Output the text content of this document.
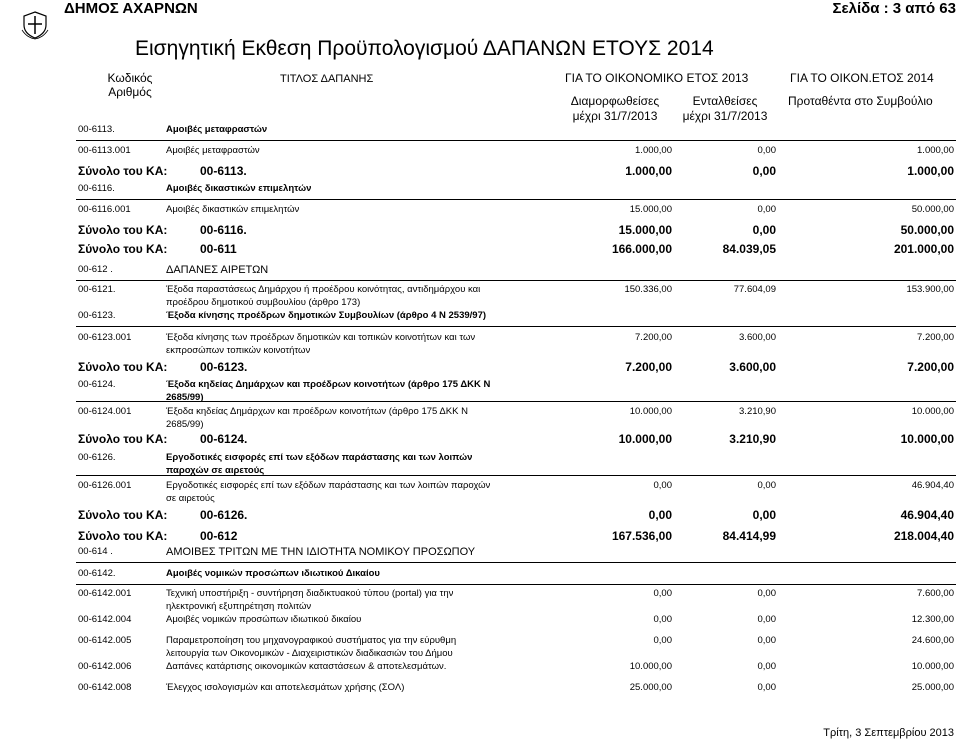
ΔΗΜΟΣ ΑΧΑΡΝΩΝ	Σελίδα : 3 από 63
Εισηγητική Εκθεση Προϋπολογισμού ΔΑΠΑΝΩΝ ΕΤΟΥΣ 2014
Κωδικός
Αριθμός
ΤΙΤΛΟΣ ΔΑΠΑΝΗΣ	ΓΙΑ ΤΟ ΟΙΚΟΝΟΜΙΚΟ ΕΤΟΣ 2013
Διαμορφωθείσες
μέχρι 31/7/2013
Ενταλθείσες
μέχρι 31/7/2013
ΓΙΑ ΤΟ ΟΙΚΟΝ.ΕΤΟΣ 2014
Προταθέντα στο Συμβούλιο
00-6113.	Αμοιβές μεταφραστών
00-6113.001	Αμοιβές μεταφραστών	1.000,00	0,00	1.000,00
Σύνολο του ΚΑ:	00-6113.	1.000,00	0,00	1.000,00
00-6116.	Αμοιβές δικαστικών επιμελητών
00-6116.001	Αμοιβές δικαστικών επιμελητών	15.000,00	0,00	50.000,00
Σύνολο του ΚΑ:	00-6116.	15.000,00	0,00	50.000,00
Σύνολο του ΚΑ:	00-611	166.000,00	84.039,05	201.000,00
00-612 .	ΔΑΠΑΝΕΣ ΑΙΡΕΤΩΝ
00-6121.	Έξοδα παραστάσεως Δημάρχου ή προέδρου κοινότητας, αντιδημάρχου και
προέδρου δημοτικού συμβουλίου (άρθρο 173)
150.336,00	77.604,09	153.900,00
00-6123.	Έξοδα κίνησης προέδρων δημοτικών Συμβουλίων (άρθρο 4 Ν 2539/97)
00-6123.001	Έξοδα κίνησης των προέδρων δημοτικών και τοπικών κοινοτήτων και των
εκπροσώπων τοπικών κοινοτήτων
7.200,00	3.600,00	7.200,00
Σύνολο του ΚΑ:	00-6123.	7.200,00	3.600,00	7.200,00
00-6124.	Έξοδα κηδείας Δημάρχων και προέδρων κοινοτήτων (άρθρο 175 ΔΚΚ Ν
2685/99)
00-6124.001	Έξοδα κηδείας Δημάρχων και προέδρων κοινοτήτων (άρθρο 175 ΔΚΚ Ν
2685/99)
10.000,00	3.210,90	10.000,00
Σύνολο του ΚΑ:	00-6124.	10.000,00	3.210,90	10.000,00
00-6126.	Εργοδοτικές εισφορές επί των εξόδων παράστασης και των λοιπών
παροχών σε αιρετούς
00-6126.001	Εργοδοτικές εισφορές επί των εξόδων παράστασης και των λοιπών παροχών
σε αιρετούς
0,00	0,00	46.904,40
Σύνολο του ΚΑ:	00-6126.	0,00	0,00	46.904,40
Σύνολο του ΚΑ:	00-612	167.536,00	84.414,99	218.004,40
00-614 .	ΑΜΟΙΒΕΣ ΤΡΙΤΩΝ ΜΕ ΤΗΝ ΙΔΙΟΤΗΤΑ ΝΟΜΙΚΟΥ ΠΡΟΣΩΠΟΥ
00-6142.	Αμοιβές νομικών προσώπων ιδιωτικού Δικαίου
00-6142.001	Τεχνική υποστήριξη - συντήρηση διαδικτυακού τύπου (portal) για την
ηλεκτρονική εξυπηρέτηση πολιτών
0,00	0,00	7.600,00
00-6142.004	Αμοιβές νομικών προσώπων ιδιωτικού δικαίου	0,00	0,00	12.300,00
00-6142.005	Παραμετροποίηση του μηχανογραφικού συστήματος για την εύρυθμη
λειτουργία των Οικονομικών - Διαχειριστικών διαδικασιών του Δήμου
0,00	0,00	24.600,00
00-6142.006	Δαπάνες κατάρτισης οικονομικών καταστάσεων & αποτελεσμάτων.	10.000,00	0,00	10.000,00
00-6142.008	Έλεγχος ισολογισμών και αποτελεσμάτων χρήσης (ΣΟΛ)	25.000,00	0,00	25.000,00
Τρίτη, 3 Σεπτεμβρίου 2013
